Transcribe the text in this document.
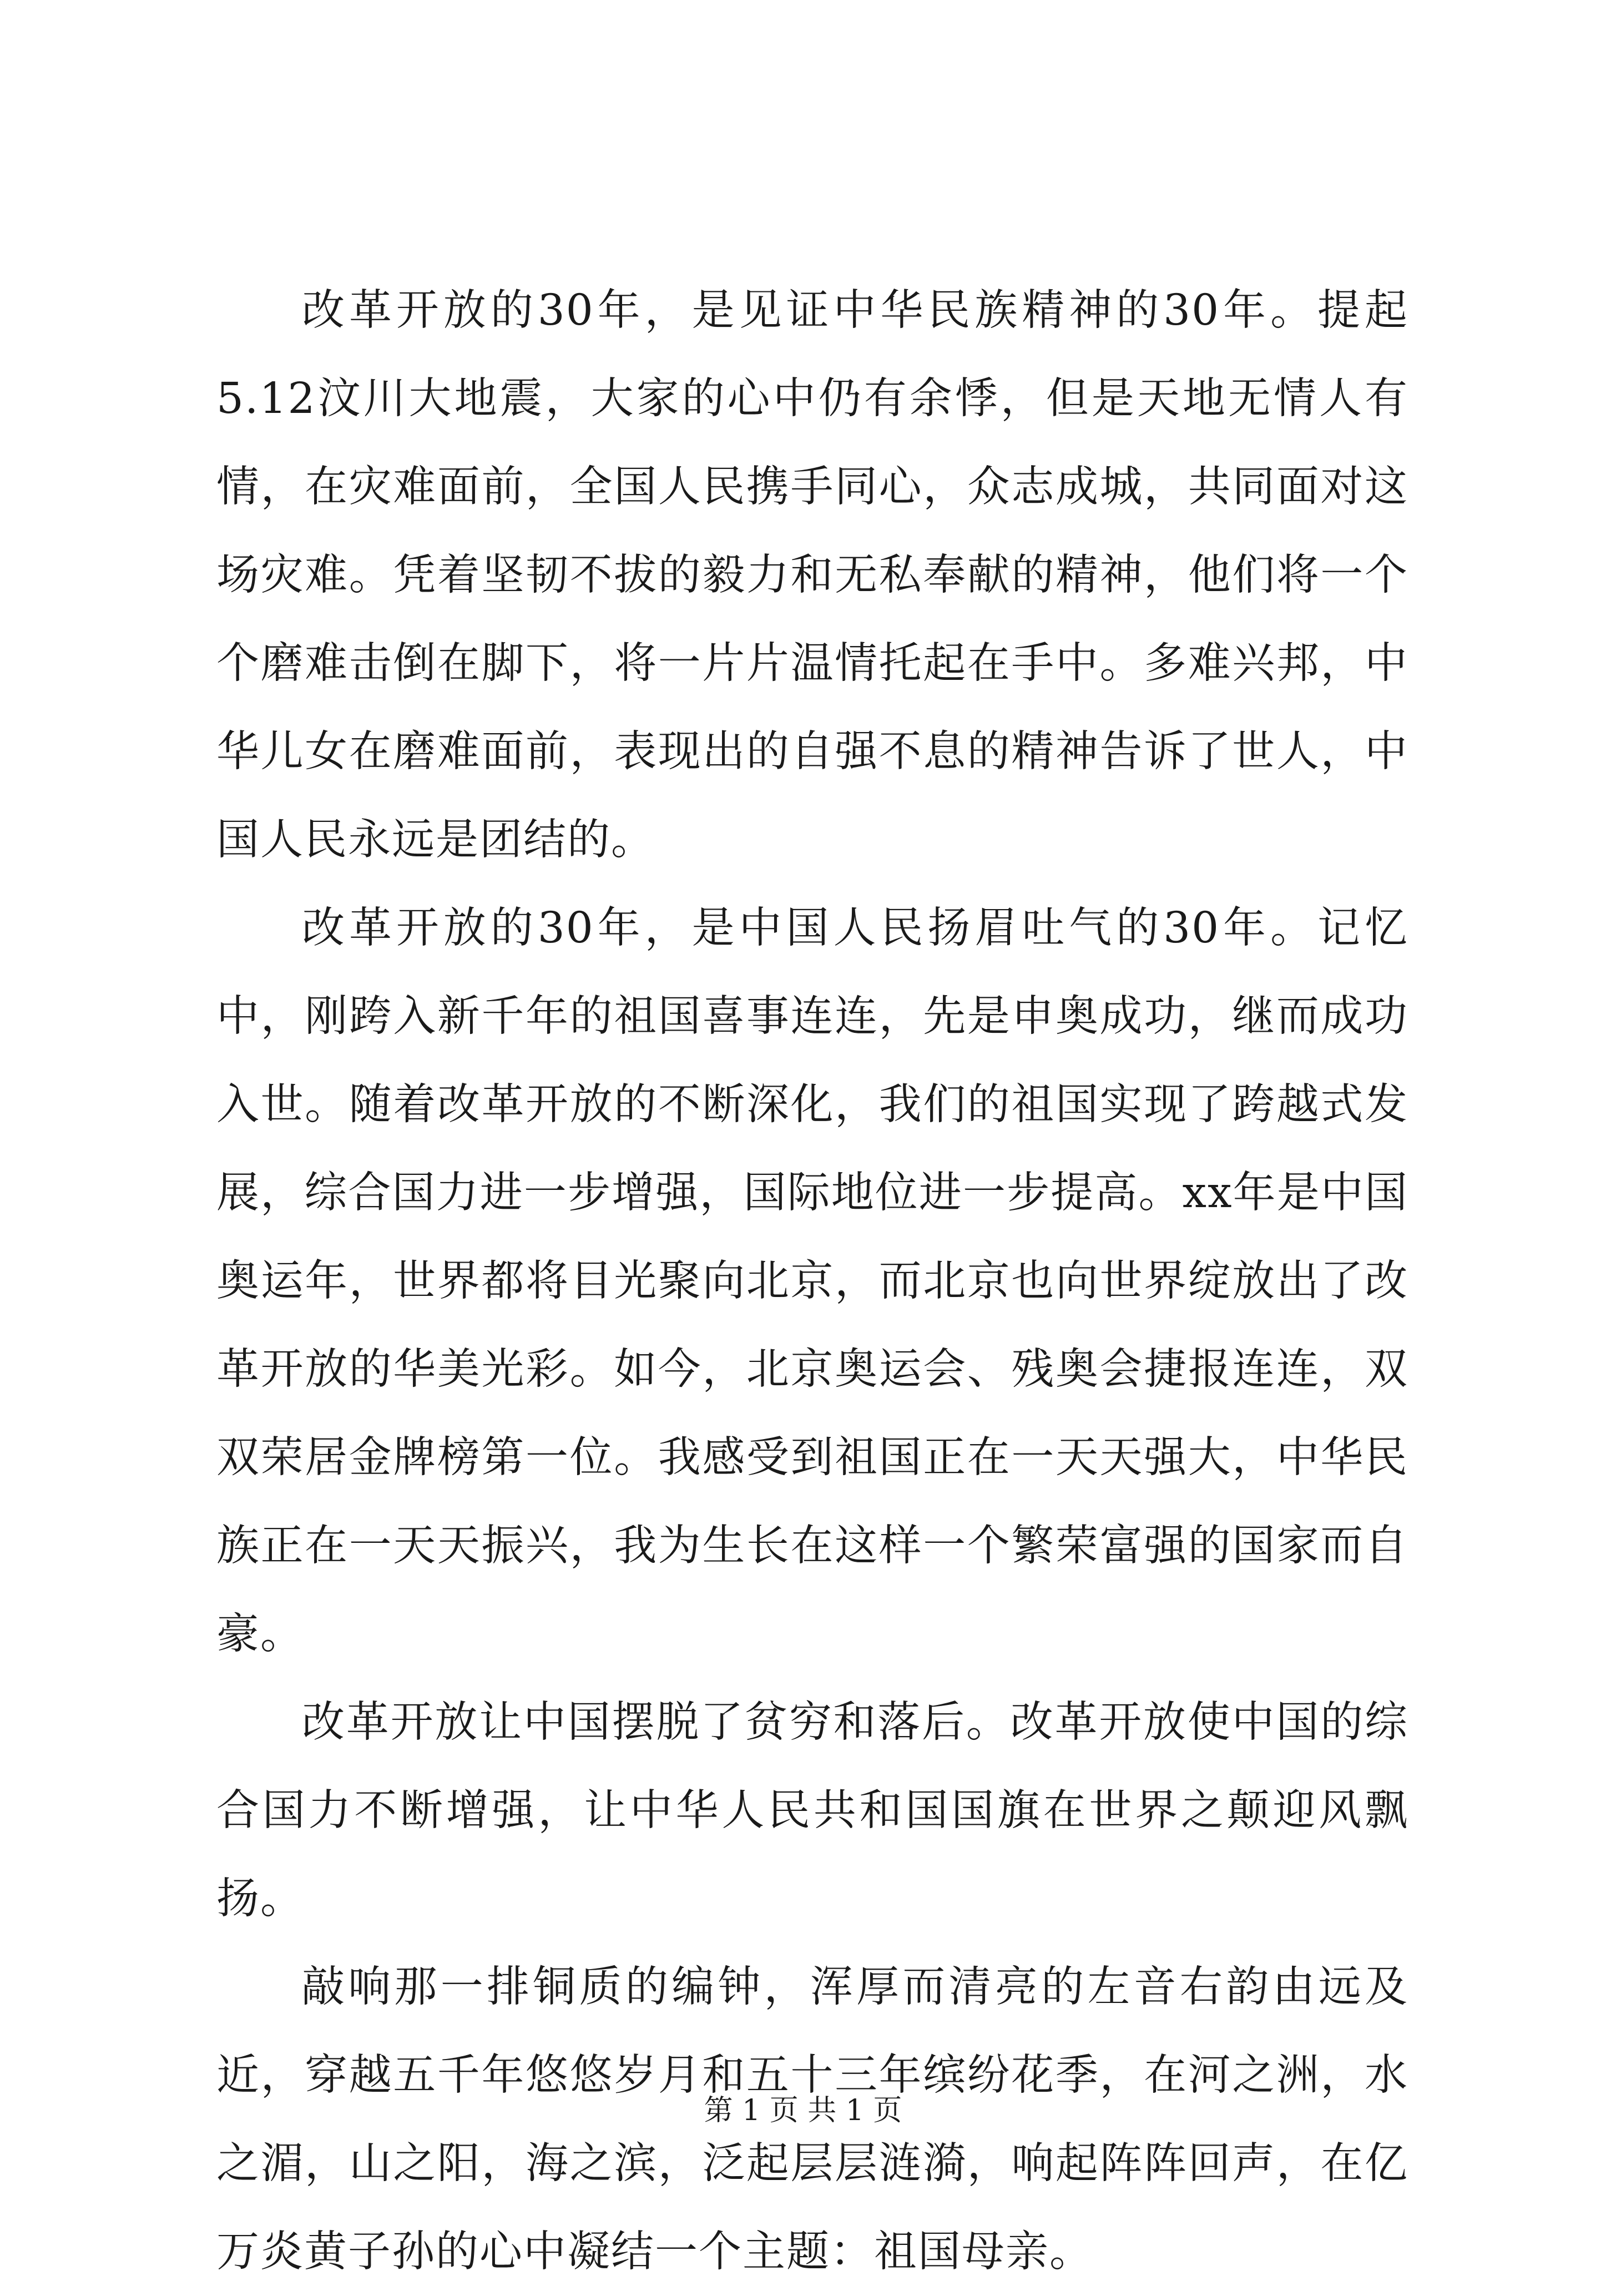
改革开放的30年，是见证中华民族精神的30年。提起5.12汶川大地震，大家的心中仍有余悸，但是天地无情人有情，在灾难面前，全国人民携手同心，众志成城，共同面对这场灾难。凭着坚韧不拔的毅力和无私奉献的精神，他们将一个个磨难击倒在脚下，将一片片温情托起在手中。多难兴邦，中华儿女在磨难面前，表现出的自强不息的精神告诉了世人，中国人民永远是团结的。

改革开放的30年，是中国人民扬眉吐气的30年。记忆中，刚跨入新千年的祖国喜事连连，先是申奥成功，继而成功入世。随着改革开放的不断深化，我们的祖国实现了跨越式发展，综合国力进一步增强，国际地位进一步提高。xx年是中国奥运年，世界都将目光聚向北京，而北京也向世界绽放出了改革开放的华美光彩。如今，北京奥运会、残奥会捷报连连，双双荣居金牌榜第一位。我感受到祖国正在一天天强大，中华民族正在一天天振兴，我为生长在这样一个繁荣富强的国家而自豪。

改革开放让中国摆脱了贫穷和落后。改革开放使中国的综合国力不断增强，让中华人民共和国国旗在世界之颠迎风飘扬。

敲响那一排铜质的编钟，浑厚而清亮的左音右韵由远及近，穿越五千年悠悠岁月和五十三年缤纷花季，在河之洲，水之湄，山之阳，海之滨，泛起层层涟漪，响起阵阵回声，在亿万炎黄子孙的心中凝结一个主题：祖国母亲。

第 1 页 共 1 页
